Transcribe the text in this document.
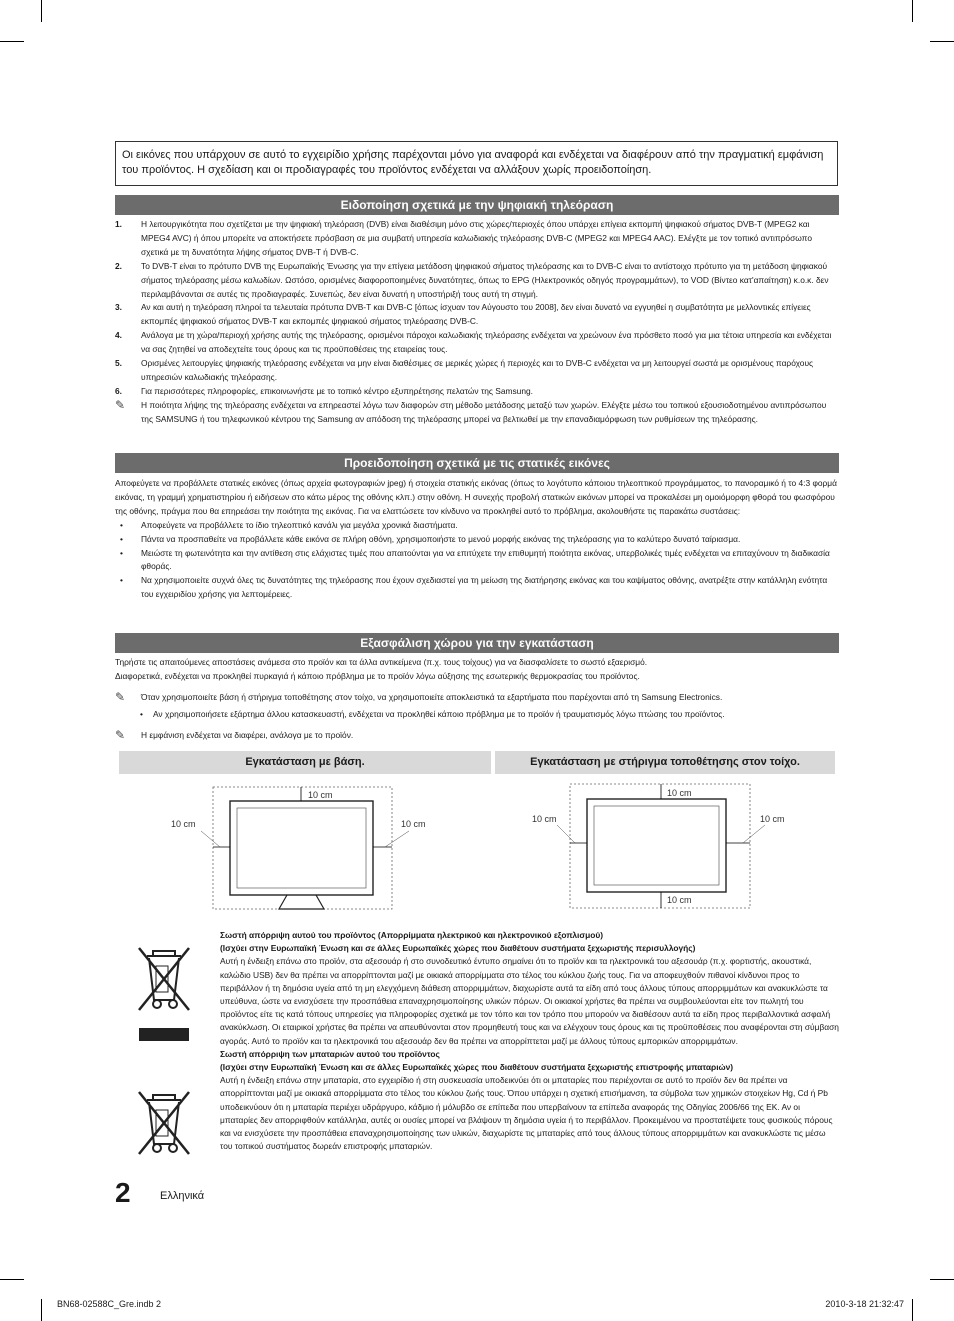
Οι εικόνες που υπάρχουν σε αυτό το εγχειρίδιο χρήσης παρέχονται μόνο για αναφορά και ενδέχεται να διαφέρουν από την πραγματική εμφάνιση του προϊόντος. Η σχεδίαση και οι προδιαγραφές του προϊόντος ενδέχεται να αλλάξουν χωρίς προειδοποίηση.
Ειδοποίηση σχετικά με την ψηφιακή τηλεόραση
1.	Η λειτουργικότητα που σχετίζεται με την ψηφιακή τηλεόραση (DVB) είναι διαθέσιμη μόνο στις χώρες/περιοχές όπου υπάρχει επίγεια εκπομπή ψηφιακού σήματος DVB-T (MPEG2 και MPEG4 AVC) ή όπου μπορείτε να αποκτήσετε πρόσβαση σε μια συμβατή υπηρεσία καλωδιακής τηλεόρασης DVB-C (MPEG2 και MPEG4 AAC). Ελέγξτε με τον τοπικό αντιπρόσωπο σχετικά με τη δυνατότητα λήψης σήματος DVB-T ή DVB-C.
2.	Το DVB-T είναι το πρότυπο DVB της Ευρωπαϊκής Ένωσης για την επίγεια μετάδοση ψηφιακού σήματος τηλεόρασης και το DVB-C είναι το αντίστοιχο πρότυπο για τη μετάδοση ψηφιακού σήματος τηλεόρασης μέσω καλωδίων. Ωστόσο, ορισμένες διαφοροποιημένες δυνατότητες, όπως το EPG (Ηλεκτρονικός οδηγός προγραμμάτων), το VOD (Βίντεο κατ'απαίτηση) κ.ο.κ. δεν περιλαμβάνονται σε αυτές τις προδιαγραφές. Συνεπώς, δεν είναι δυνατή η υποστήριξή τους αυτή τη στιγμή.
3.	Αν και αυτή η τηλεόραση πληροί τα τελευταία πρότυπα DVB-T και DVB-C [όπως ίσχυαν τον Αύγουστο του 2008], δεν είναι δυνατό να εγγυηθεί η συμβατότητα με μελλοντικές επίγειες εκπομπές ψηφιακού σήματος DVB-T και εκπομπές ψηφιακού σήματος τηλεόρασης DVB-C.
4.	Ανάλογα με τη χώρα/περιοχή χρήσης αυτής της τηλεόρασης, ορισμένοι πάροχοι καλωδιακής τηλεόρασης ενδέχεται να χρεώνουν ένα πρόσθετο ποσό για μια τέτοια υπηρεσία και ενδέχεται να σας ζητηθεί να αποδεχτείτε τους όρους και τις προϋποθέσεις της εταιρείας τους.
5.	Ορισμένες λειτουργίες ψηφιακής τηλεόρασης ενδέχεται να μην είναι διαθέσιμες σε μερικές χώρες ή περιοχές και το DVB-C ενδέχεται να μη λειτουργεί σωστά με ορισμένους παρόχους υπηρεσιών καλωδιακής τηλεόρασης.
6.	Για περισσότερες πληροφορίες, επικοινωνήστε με το τοπικό κέντρο εξυπηρέτησης πελατών της Samsung.
✎	Η ποιότητα λήψης της τηλεόρασης ενδέχεται να επηρεαστεί λόγω των διαφορών στη μέθοδο μετάδοσης μεταξύ των χωρών. Ελέγξτε μέσω του τοπικού εξουσιοδοτημένου αντιπρόσωπου της SAMSUNG ή του τηλεφωνικού κέντρου της Samsung αν απόδοση της τηλεόρασης μπορεί να βελτιωθεί με την επαναδιαμόρφωση των ρυθμίσεων της τηλεόρασης.
Προειδοποίηση σχετικά με τις στατικές εικόνες

Αποφεύγετε να προβάλλετε στατικές εικόνες (όπως αρχεία φωτογραφιών jpeg) ή στοιχεία στατικής εικόνας (όπως το λογότυπο κάποιου τηλεοπτικού προγράμματος, το πανοραμικό ή το 4:3 φορμά εικόνας, τη γραμμή χρηματιστηρίου ή ειδήσεων στο κάτω μέρος της οθόνης κλπ.) στην οθόνη. Η συνεχής προβολή στατικών εικόνων μπορεί να προκαλέσει μη ομοιόμορφη φθορά του φωσφόρου της οθόνης, πράγμα που θα επηρεάσει την ποιότητα της εικόνας. Για να ελαττώσετε τον κίνδυνο να προκληθεί αυτό το πρόβλημα, ακολουθήστε τις παρακάτω συστάσεις:

•	Αποφεύγετε να προβάλλετε το ίδιο τηλεοπτικό κανάλι για μεγάλα χρονικά διαστήματα.
•	Πάντα να προσπαθείτε να προβάλλετε κάθε εικόνα σε πλήρη οθόνη, χρησιμοποιήστε το μενού μορφής εικόνας της τηλεόρασης για το καλύτερο δυνατό ταίριασμα.
•	Μειώστε τη φωτεινότητα και την αντίθεση στις ελάχιστες τιμές που απαιτούνται για να επιτύχετε την επιθυμητή ποιότητα εικόνας, υπερβολικές τιμές ενδέχεται να επιταχύνουν τη διαδικασία φθοράς.
•	Να χρησιμοποιείτε συχνά όλες τις δυνατότητες της τηλεόρασης που έχουν σχεδιαστεί για τη μείωση της διατήρησης εικόνας και του καψίματος οθόνης, ανατρέξτε στην κατάλληλη ενότητα του εγχειριδίου χρήσης για λεπτομέρειες.
Εξασφάλιση χώρου για την εγκατάσταση

Τηρήστε τις απαιτούμενες αποστάσεις ανάμεσα στο προϊόν και τα άλλα αντικείμενα (π.χ. τους τοίχους) για να διασφαλίσετε το σωστό εξαερισμό.

Διαφορετικά, ενδέχεται να προκληθεί πυρκαγιά ή κάποιο πρόβλημα με το προϊόν λόγω αύξησης της εσωτερικής θερμοκρασίας του προϊόντος.

✎	Όταν χρησιμοποιείτε βάση ή στήριγμα τοποθέτησης στον τοίχο, να χρησιμοποιείτε αποκλειστικά τα εξαρτήματα που παρέχονται από τη Samsung Electronics.
•	Αν χρησιμοποιήσετε εξάρτημα άλλου κατασκευαστή, ενδέχεται να προκληθεί κάποιο πρόβλημα με το προϊόν ή τραυματισμός λόγω πτώσης του προϊόντος.
✎	Η εμφάνιση ενδέχεται να διαφέρει, ανάλογα με το προϊόν.
Εγκατάσταση με βάση.	Εγκατάσταση με στήριγμα τοποθέτησης στον τοίχο.
10 cm
10 cm	10 cm
10 cm
10 cm
10 cm	10 cm

Σωστή απόρριψη αυτού του προϊόντος (Απορρίμματα ηλεκτρικού και ηλεκτρονικού εξοπλισμού)

(Ισχύει στην Ευρωπαϊκή Ένωση και σε άλλες Ευρωπαϊκές χώρες που διαθέτουν συστήματα ξεχωριστής περισυλλογής)

Αυτή η ένδειξη επάνω στο προϊόν, στα αξεσουάρ ή στο συνοδευτικό έντυπο σημαίνει ότι το προϊόν και τα ηλεκτρονικά του αξεσουάρ (π.χ. φορτιστής, ακουστικά, καλώδιο USB) δεν θα πρέπει να απορρίπτονται μαζί με οικιακά απορρίμματα στο τέλος του κύκλου ζωής τους. Για να αποφευχθούν πιθανοί κίνδυνοι προς το περιβάλλον ή τη δημόσια υγεία από τη μη ελεγχόμενη διάθεση απορριμμάτων, διαχωρίστε αυτά τα είδη από τους άλλους τύπους απορριμμάτων και ανακυκλώστε τα υπεύθυνα, ώστε να ενισχύσετε την προσπάθεια επαναχρησιμοποίησης υλικών πόρων. Οι οικιακοί χρήστες θα πρέπει να συμβουλεύονται είτε τον πωλητή του προϊόντος είτε τις κατά τόπους υπηρεσίες για πληροφορίες σχετικά με τον τόπο και τον τρόπο που μπορούν να διαθέσουν αυτά τα είδη προς περιβαλλοντικά ασφαλή ανακύκλωση. Οι εταιρικοί χρήστες θα πρέπει να απευθύνονται στον προμηθευτή τους και να ελέγχουν τους όρους και τις προϋποθέσεις που αναφέρονται στη σύμβαση αγοράς. Αυτό το προϊόν και τα ηλεκτρονικά του αξεσουάρ δεν θα πρέπει να απορρίπτεται μαζί με άλλους τύπους εμπορικών απορριμμάτων.

Σωστή απόρριψη των μπαταριών αυτού του προϊόντος

(Ισχύει στην Ευρωπαϊκή Ένωση και σε άλλες Ευρωπαϊκές χώρες που διαθέτουν συστήματα ξεχωριστής επιστροφής μπαταριών)

Αυτή η ένδειξη επάνω στην μπαταρία, στο εγχειρίδιο ή στη συσκευασία υποδεικνύει ότι οι μπαταρίες που περιέχονται σε αυτό το προϊόν δεν θα πρέπει να απορρίπτονται μαζί με οικιακά απορρίμματα στο τέλος του κύκλου ζωής τους. Όπου υπάρχει η σχετική επισήμανση, τα σύμβολα των χημικών στοιχείων Hg, Cd ή Pb υποδεικνύουν ότι η μπαταρία περιέχει υδράργυρο, κάδμιο ή μόλυβδο σε επίπεδα που υπερβαίνουν τα επίπεδα αναφοράς της Οδηγίας 2006/66 της ΕΚ. Αν οι μπαταρίες δεν απορριφθούν κατάλληλα, αυτές οι ουσίες μπορεί να βλάψουν τη δημόσια υγεία ή το περιβάλλον. Προκειμένου να προστατέψετε τους φυσικούς πόρους και να ενισχύσετε την προσπάθεια επαναχρησιμοποίησης των υλικών, διαχωρίστε τις μπαταρίες από τους άλλους τύπους απορριμμάτων και ανακυκλώστε τις μέσω του τοπικού συστήματος δωρεάν επιστροφής μπαταριών.

2	Ελληνικά
BN68-02588C_Gre.indb 2	2010-3-18 21:32:47
